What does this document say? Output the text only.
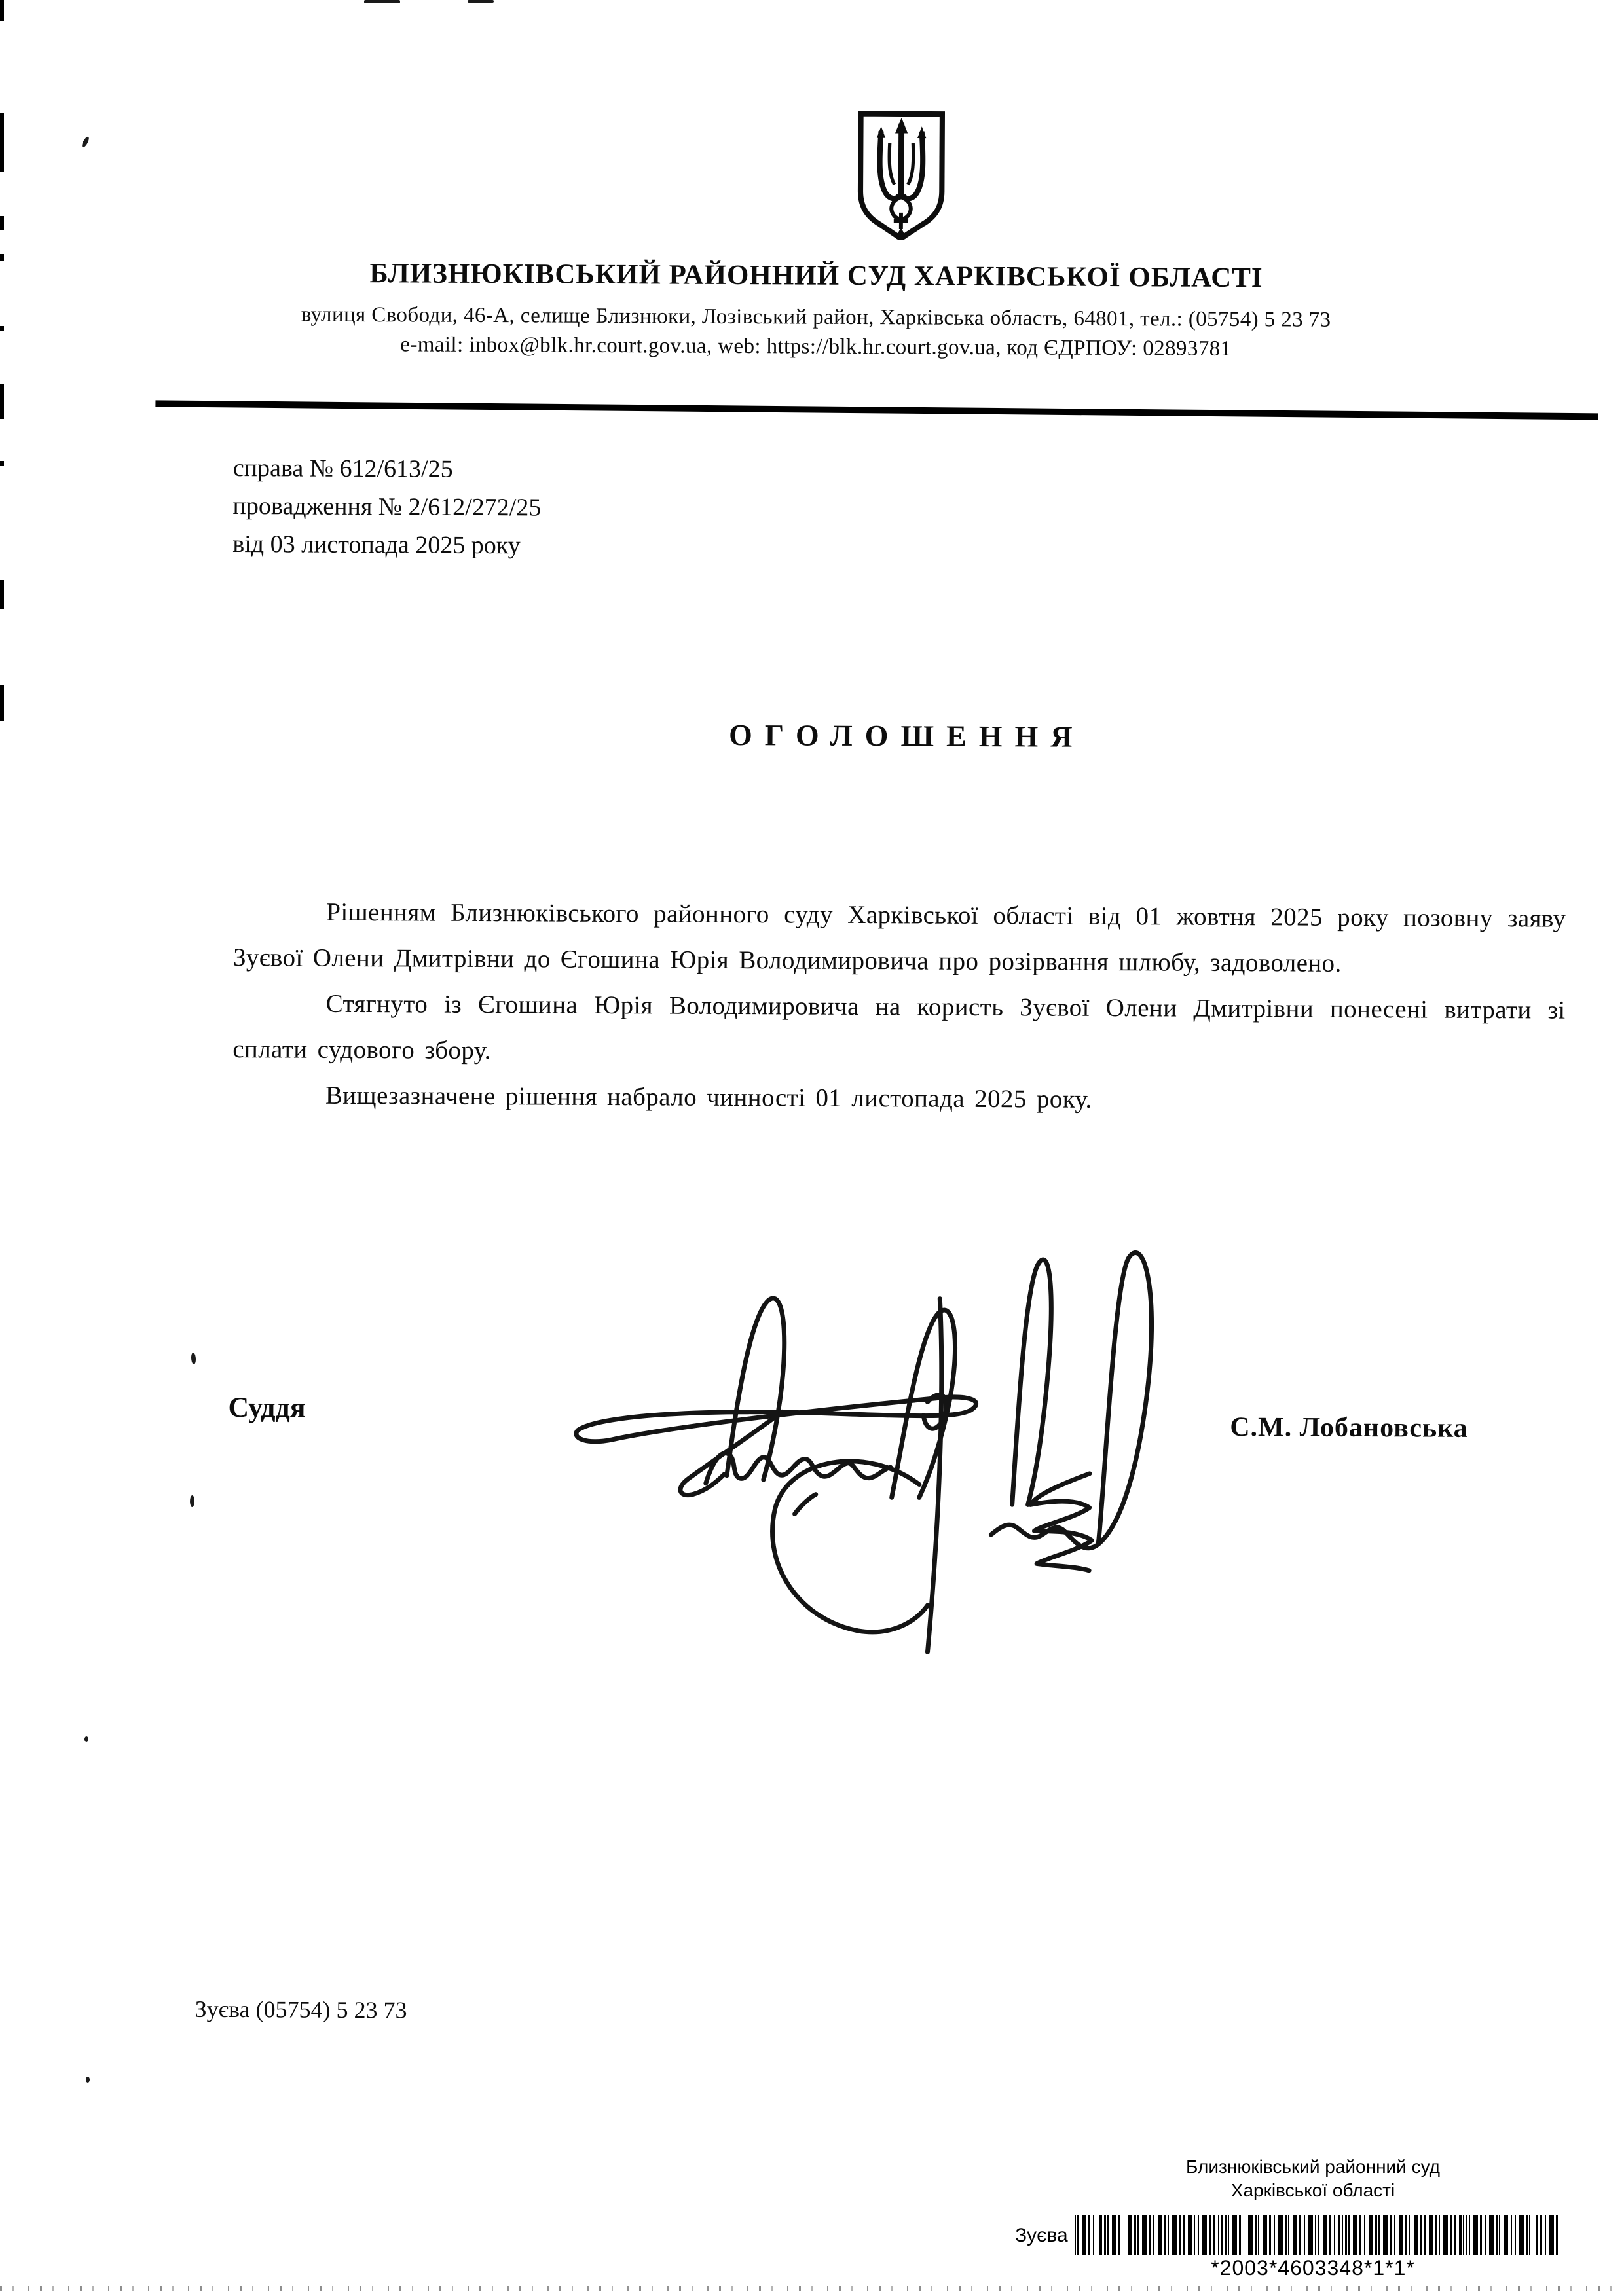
БЛИЗНЮКІВСЬКИЙ РАЙОННИЙ СУД ХАРКІВСЬКОЇ ОБЛАСТІ
вулиця Свободи, 46-А, селище Близнюки, Лозівський район, Харківська область, 64801, тел.: (05754) 5 23 73
e-mail: inbox@blk.hr.court.gov.ua, web: https://blk.hr.court.gov.ua, код ЄДРПОУ: 02893781
справа № 612/613/25
провадження № 2/612/272/25
від 03 листопада 2025 року
ОГОЛОШЕННЯ

Рішенням Близнюківського районного суду Харківської області від 01 жовтня 2025 року позовну заяву Зуєвої Олени Дмитрівни до Єгошина Юрія Володимировича про розірвання шлюбу, задоволено.

Стягнуто із Єгошина Юрія Володимировича на користь Зуєвої Олени Дмитрівни понесені витрати зі сплати судового збору.

Вищезазначене рішення набрало чинності 01 листопада 2025 року.

Суддя
С.М. Лобановська
Зуєва (05754) 5 23 73
Близнюківський районний суд
Харківської області
Зуєва
*2003*4603348*1*1*
